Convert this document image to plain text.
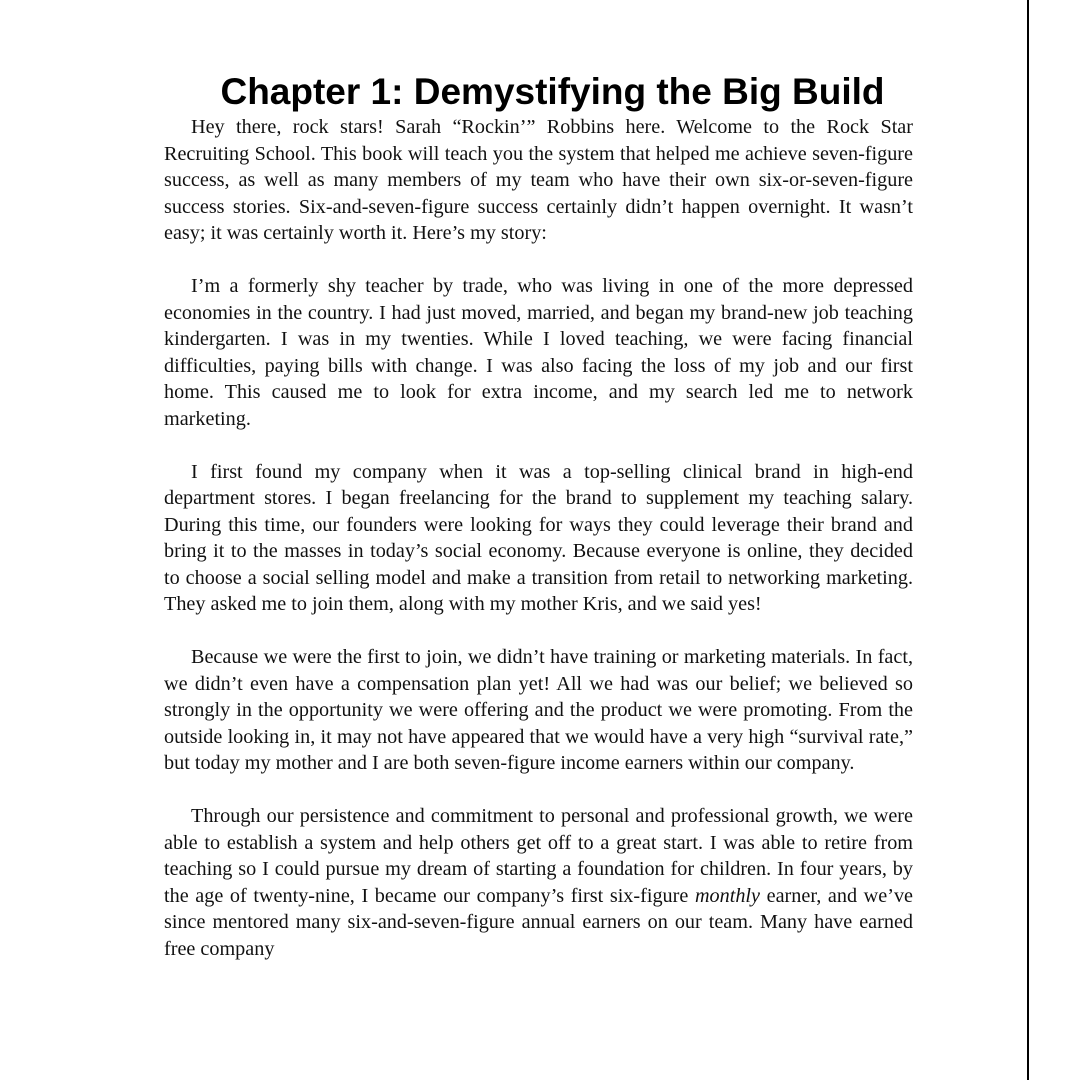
Chapter 1: Demystifying the Big Build

Hey there, rock stars! Sarah “Rockin’” Robbins here. Welcome to the Rock Star Recruiting School. This book will teach you the system that helped me achieve seven-figure success, as well as many members of my team who have their own six-or-seven-figure success stories. Six-and-seven-figure success certainly didn’t happen overnight. It wasn’t easy; it was certainly worth it. Here’s my story:

I’m a formerly shy teacher by trade, who was living in one of the more depressed economies in the country. I had just moved, married, and began my brand-new job teaching kindergarten. I was in my twenties. While I loved teaching, we were facing financial difficulties, paying bills with change. I was also facing the loss of my job and our first home. This caused me to look for extra income, and my search led me to network marketing.

I first found my company when it was a top-selling clinical brand in high-end department stores. I began freelancing for the brand to supplement my teaching salary. During this time, our founders were looking for ways they could leverage their brand and bring it to the masses in today’s social economy. Because everyone is online, they decided to choose a social selling model and make a transition from retail to networking marketing. They asked me to join them, along with my mother Kris, and we said yes!

Because we were the first to join, we didn’t have training or marketing materials. In fact, we didn’t even have a compensation plan yet! All we had was our belief; we believed so strongly in the opportunity we were offering and the product we were promoting. From the outside looking in, it may not have appeared that we would have a very high “survival rate,” but today my mother and I are both seven-figure income earners within our company.

Through our persistence and commitment to personal and professional growth, we were able to establish a system and help others get off to a great start. I was able to retire from teaching so I could pursue my dream of starting a foundation for children. In four years, by the age of twenty-nine, I became our company’s first six-figure monthly earner, and we’ve since mentored many six-and-seven-figure annual earners on our team. Many have earned free company
